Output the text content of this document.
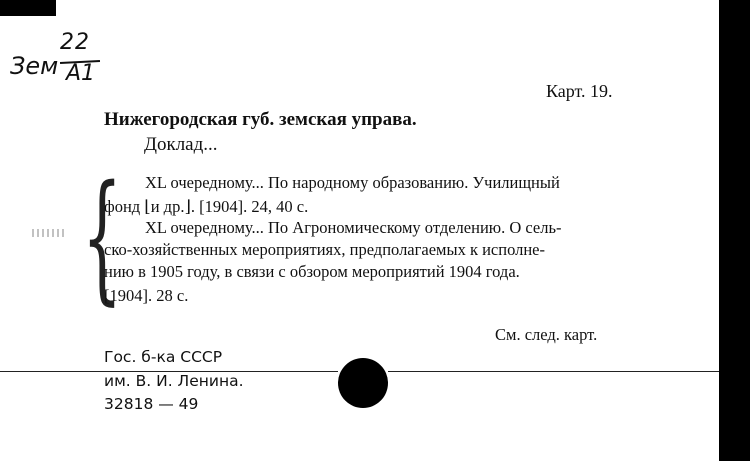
22
A1
Зем
Карт. 19.
Нижегородская губ. земская управа.
Доклад...
{ XL очередному... По народному образованию. Училищный
фонд ⌊и др.⌋. [1904]. 24, 40 с.
XL очередному... По Агрономическому отделению. О сель-
ско-хозяйственных мероприятиях, предполагаемых к исполне-
нию в 1905 году, в связи с обзором мероприятий 1904 года.
[1904]. 28 с.
См. след. карт.
Гос. б-ка СССР
им. В. И. Ленина.
32818 — 49
